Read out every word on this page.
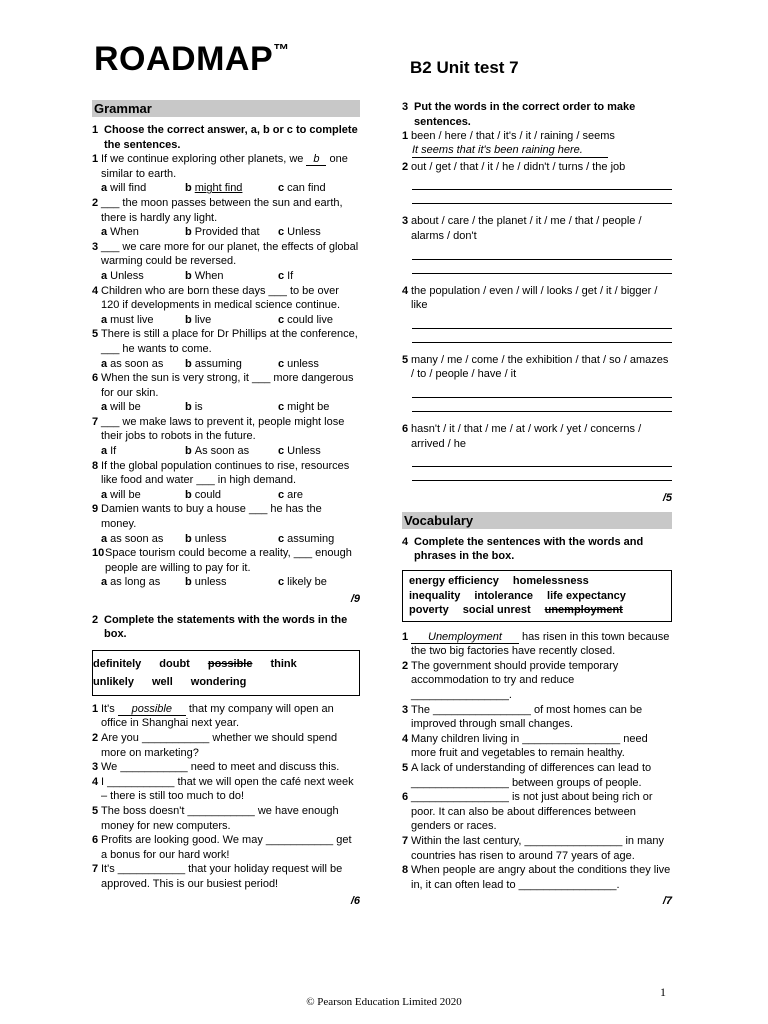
ROADMAP™
B2 Unit test 7
Grammar
1 Choose the correct answer, a, b or c to complete the sentences.
1 If we continue exploring other planets, we b one similar to earth.
a will find	b might find	c can find
2 ___ the moon passes between the sun and earth, there is hardly any light.
a When	b Provided that	c Unless
3 ___ we care more for our planet, the effects of global warming could be reversed.
a Unless	b When	c If
4 Children who are born these days ___ to be over 120 if developments in medical science continue.
a must live	b live	c could live
5 There is still a place for Dr Phillips at the conference, ___ he wants to come.
a as soon as	b assuming	c unless
6 When the sun is very strong, it ___ more dangerous for our skin.
a will be	b is	c might be
7 ___ we make laws to prevent it, people might lose their jobs to robots in the future.
a If	b As soon as	c Unless
8 If the global population continues to rise, resources like food and water ___ in high demand.
a will be	b could	c are
9 Damien wants to buy a house ___ he has the money.
a as soon as	b unless	c assuming
10 Space tourism could become a reality, ___ enough people are willing to pay for it.
a as long as	b unless	c likely be
/9
2 Complete the statements with the words in the box.
definitely doubt possible think
unlikely well wondering
1 It's possible that my company will open an office in Shanghai next year.
2 Are you ___________ whether we should spend more on marketing?
3 We ___________ need to meet and discuss this.
4 I ___________ that we will open the café next week – there is still too much to do!
5 The boss doesn't ___________ we have enough money for new computers.
6 Profits are looking good. We may ___________ get a bonus for our hard work!
7 It's ___________ that your holiday request will be approved. This is our busiest period!
/6
3 Put the words in the correct order to make sentences.
1 been / here / that / it's / it / raining / seems
It seems that it's been raining here.
2 out / get / that / it / he / didn't / turns / the job
3 about / care / the planet / it / me / that / people / alarms / don't
4 the population / even / will / looks / get / it / bigger / like
5 many / me / come / the exhibition / that / so / amazes / to / people / have / it
6 hasn't / it / that / me / at / work / yet / concerns / arrived / he
/5
Vocabulary
4 Complete the sentences with the words and phrases in the box.
energy efficiency homelessness
inequality intolerance life expectancy
poverty social unrest unemployment
1	Unemployment has risen in this town because the two big factories have recently closed.
2 The government should provide temporary accommodation to try and reduce ________________.
3 The ________________ of most homes can be improved through small changes.
4 Many children living in ________________ need more fruit and vegetables to remain healthy.
5 A lack of understanding of differences can lead to ________________ between groups of people.
6 ________________ is not just about being rich or poor. It can also be about differences between genders or races.
7 Within the last century, ________________ in many countries has risen to around 77 years of age.
8 When people are angry about the conditions they live in, it can often lead to ________________.
/7
1
© Pearson Education Limited 2020
